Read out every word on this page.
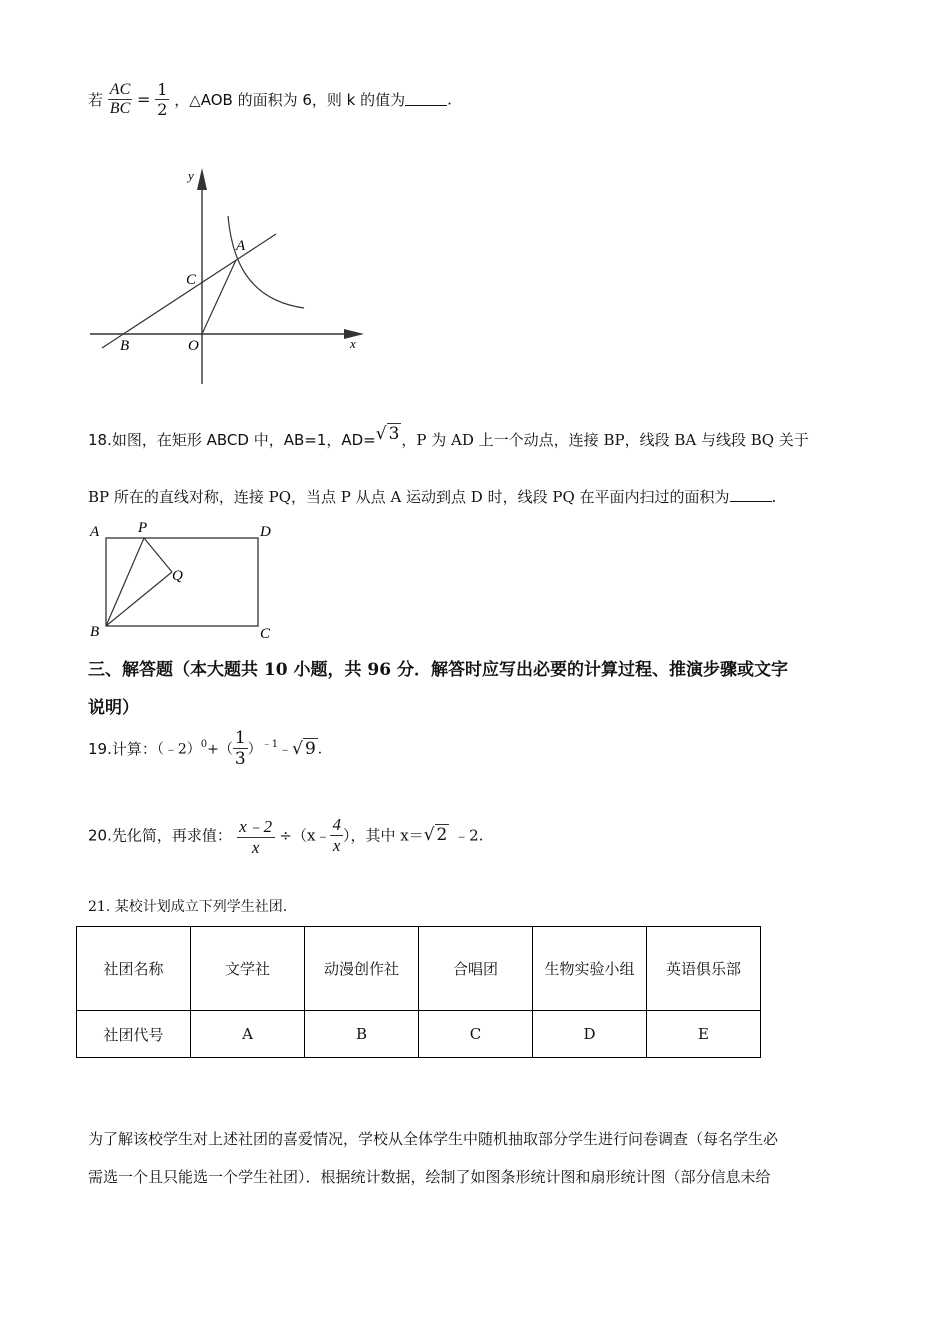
若 $\frac{AC}{BC} = \frac{1}{2}$ ，△AOB 的面积为 6，则 k 的值为	.
y
A
C
B	O	x
18.如图，在矩形 ABCD 中，AB=1，AD=√ 3 ，P 为 AD 上一个动点，连接 BP，线段 BA 与线段 BQ 关于
BP 所在的直线对称，连接 PQ，当点 P 从点 A 运动到点 D 时，线段 PQ 在平面内扫过的面积为	.
A	P	D
Q
B	C
三、解答题（本大题共 10 小题，共 96 分．解答时应写出必要的计算过程、推演步骤或文字
说明）
19.计算：（﹣2）$^0$+（ $\frac{1}{3}$ ）$^{﹣1}$﹣√ 9 ．
20.先化简，再求值： $\frac{x﹣2}{x}$ ÷（x﹣ $\frac{4}{x}$ ），其中 x＝√ 2 ﹣2.
21. 某校计划成立下列学生社团.
社团名称	文学社	动漫创作社	合唱团	生物实验小组	英语俱乐部
社团代号	A	B	C	D	E
为了解该校学生对上述社团的喜爱情况，学校从全体学生中随机抽取部分学生进行问卷调查（每名学生必
需选一个且只能选一个学生社团）．根据统计数据，绘制了如图条形统计图和扇形统计图（部分信息未给
